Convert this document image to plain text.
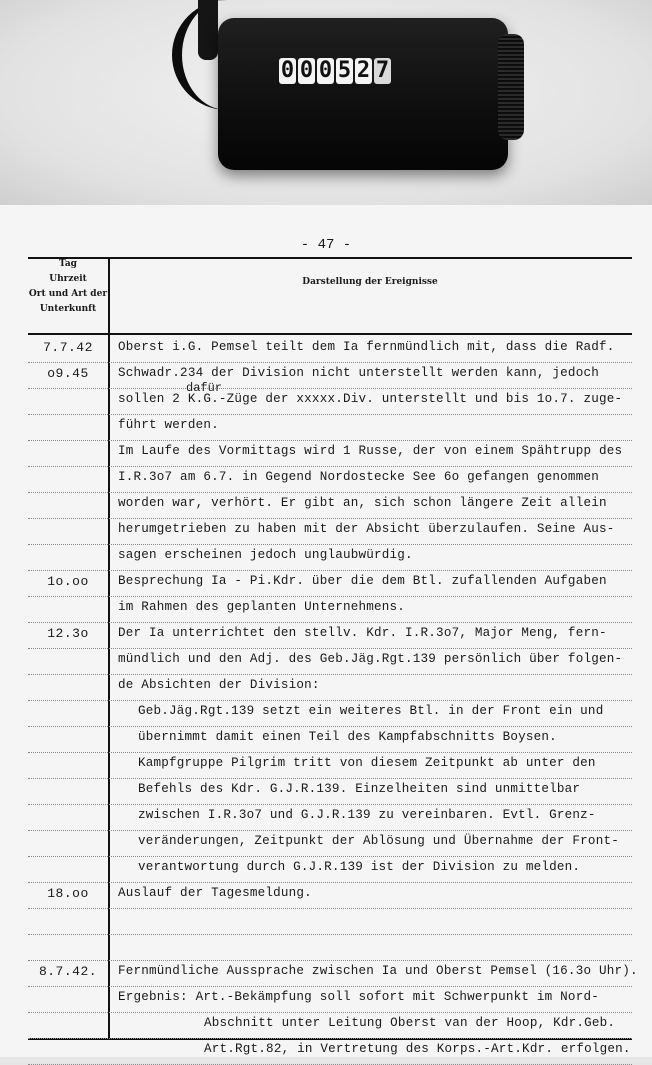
0 0 0 5 2 7
- 47 -
Tag
Uhrzeit
Ort und Art der
Unterkunft
Darstellung der Ereignisse
7.7.42	Oberst i.G. Pemsel teilt dem Ia fernmündlich mit, dass die Radf.
o9.45	Schwadr.234 der Division nicht unterstellt werden kann, jedoch
sollen 2 K.G.-Züge der xxxxx.Div. unterstellt und bis 1o.7. zuge-
führt werden.
Im Laufe des Vormittags wird 1 Russe, der von einem Spähtrupp des
I.R.3o7 am 6.7. in Gegend Nordostecke See 6o gefangen genommen
worden war, verhört. Er gibt an, sich schon längere Zeit allein
herumgetrieben zu haben mit der Absicht überzulaufen. Seine Aus-
sagen erscheinen jedoch unglaubwürdig.
1o.oo	Besprechung Ia - Pi.Kdr. über die dem Btl. zufallenden Aufgaben
im Rahmen des geplanten Unternehmens.
12.3o	Der Ia unterrichtet den stellv. Kdr. I.R.3o7, Major Meng, fern-
mündlich und den Adj. des Geb.Jäg.Rgt.139 persönlich über folgen-
de Absichten der Division:
Geb.Jäg.Rgt.139 setzt ein weiteres Btl. in der Front ein und
übernimmt damit einen Teil des Kampfabschnitts Boysen.
Kampfgruppe Pilgrim tritt von diesem Zeitpunkt ab unter den
Befehls des Kdr. G.J.R.139. Einzelheiten sind unmittelbar
zwischen I.R.3o7 und G.J.R.139 zu vereinbaren. Evtl. Grenz-
veränderungen, Zeitpunkt der Ablösung und Übernahme der Front-
verantwortung durch G.J.R.139 ist der Division zu melden.
18.oo	Auslauf der Tagesmeldung.
8.7.42.	Fernmündliche Aussprache zwischen Ia und Oberst Pemsel (16.3o Uhr).
Ergebnis: Art.-Bekämpfung soll sofort mit Schwerpunkt im Nord-
Abschnitt unter Leitung Oberst van der Hoop, Kdr.Geb.
Art.Rgt.82, in Vertretung des Korps.-Art.Kdr. erfolgen.
dafür
